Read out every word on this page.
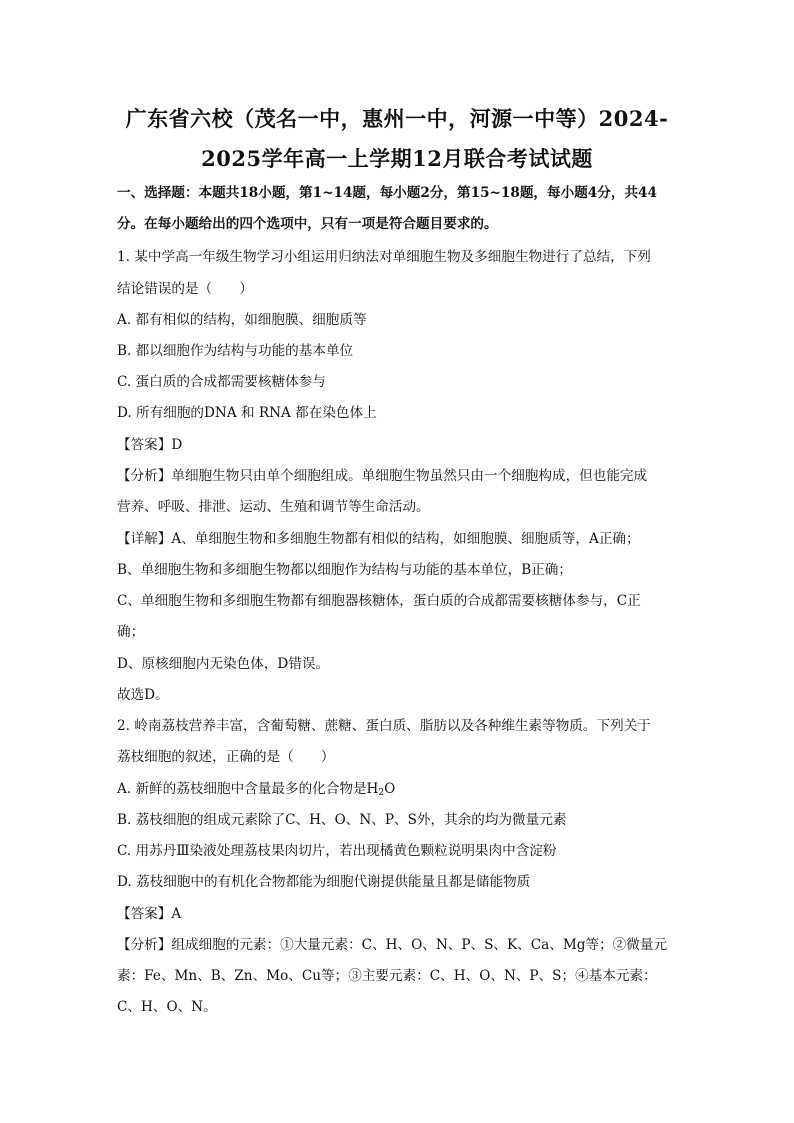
广东省六校（茂名一中，惠州一中，河源一中等）2024-
2025学年高一上学期12月联合考试试题
一、选择题：本题共18小题，第1~14题，每小题2分，第15~18题，每小题4分，共44
分。在每小题给出的四个选项中，只有一项是符合题目要求的。
1. 某中学高一年级生物学习小组运用归纳法对单细胞生物及多细胞生物进行了总结，下列
结论错误的是（　　）
A. 都有相似的结构，如细胞膜、细胞质等
B. 都以细胞作为结构与功能的基本单位
C. 蛋白质的合成都需要核糖体参与
D. 所有细胞的DNA 和 RNA 都在染色体上
【答案】D
【分析】单细胞生物只由单个细胞组成。单细胞生物虽然只由一个细胞构成，但也能完成
营养、呼吸、排泄、运动、生殖和调节等生命活动。
【详解】A、单细胞生物和多细胞生物都有相似的结构，如细胞膜、细胞质等，A正确；
B、单细胞生物和多细胞生物都以细胞作为结构与功能的基本单位，B正确；
C、单细胞生物和多细胞生物都有细胞器核糖体，蛋白质的合成都需要核糖体参与，C正
确；
D、原核细胞内无染色体，D错误。
故选D。
2. 岭南荔枝营养丰富，含葡萄糖、蔗糖、蛋白质、脂肪以及各种维生素等物质。下列关于
荔枝细胞的叙述，正确的是（　　）
A. 新鲜的荔枝细胞中含量最多的化合物是$H_2O$
B. 荔枝细胞的组成元素除了C、H、O、N、P、S外，其余的均为微量元素
C. 用苏丹Ⅲ染液处理荔枝果肉切片，若出现橘黄色颗粒说明果肉中含淀粉
D. 荔枝细胞中的有机化合物都能为细胞代谢提供能量且都是储能物质
【答案】A
【分析】组成细胞的元素：①大量元素：C、H、O、N、P、S、K、Ca、Mg等；②微量元
素：Fe、Mn、B、Zn、Mo、Cu等；③主要元素：C、H、O、N、P、S；④基本元素：
C、H、O、N。
